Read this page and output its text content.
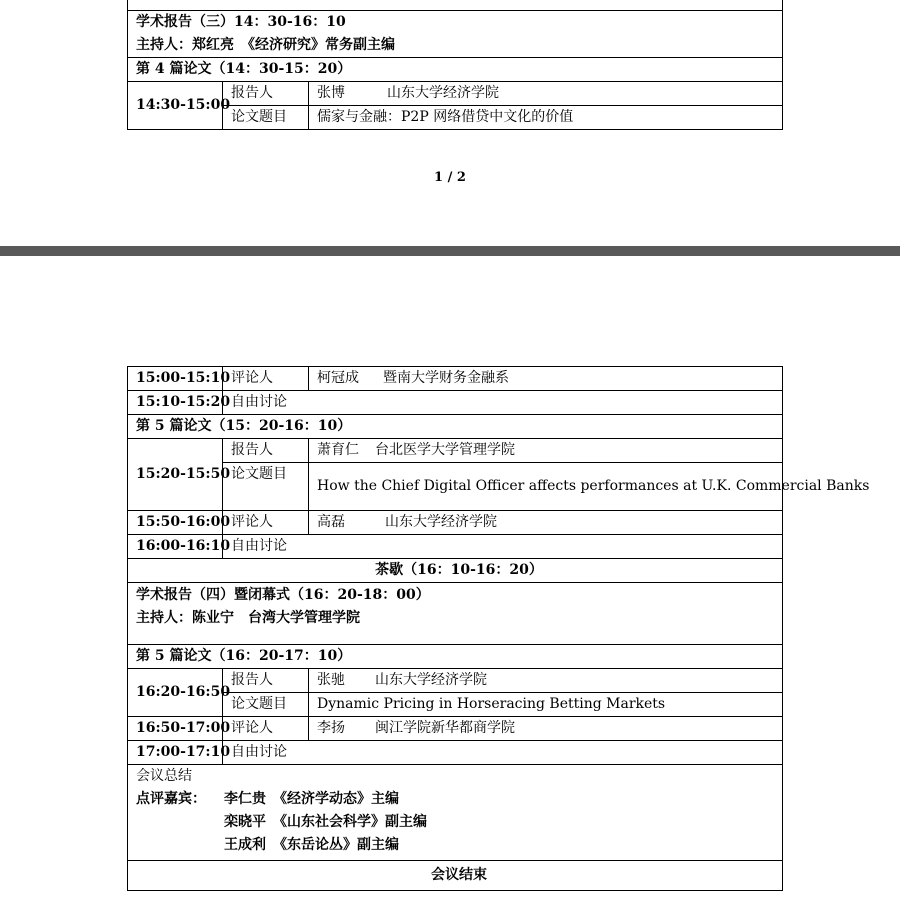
学术报告（三）14：30-16：10
主持人：郑红亮　《经济研究》常务副主编		

第 4 篇论文（14：30-15：20）		
14:30-15:00	报告人	张博 山东大学经济学院
	论文题目	儒家与金融：P2P 网络借贷中文化的价值
1 / 2
15:00-15:10	评论人	柯冠成 暨南大学财务金融系
15:10-15:20	自由讨论	
第 5 篇论文（15：20-16：10）		
15:20-15:50	报告人	萧育仁 台北医学大学管理学院
	论文题目	How the Chief Digital Officer affects performances at U.K. Commercial Banks
15:50-16:00	评论人	高磊 山东大学经济学院
16:00-16:10	自由讨论	
茶歇（16：10-16：20）		

学术报告（四）暨闭幕式（16：20-18：00）
主持人：陈业宁　台湾大学管理学院		

第 5 篇论文（16：20-17：10）		
16:20-16:50	报告人	张驰 山东大学经济学院
	论文题目	Dynamic Pricing in Horseracing Betting Markets
16:50-17:00	评论人	李扬 闽江学院新华都商学院
17:00-17:10	自由讨论	

会议总结
点评嘉宾： 李仁贵　《经济学动态》主编
栾晓平　《山东社会科学》副主编
王成利　《东岳论丛》副主编		

会议结束		
